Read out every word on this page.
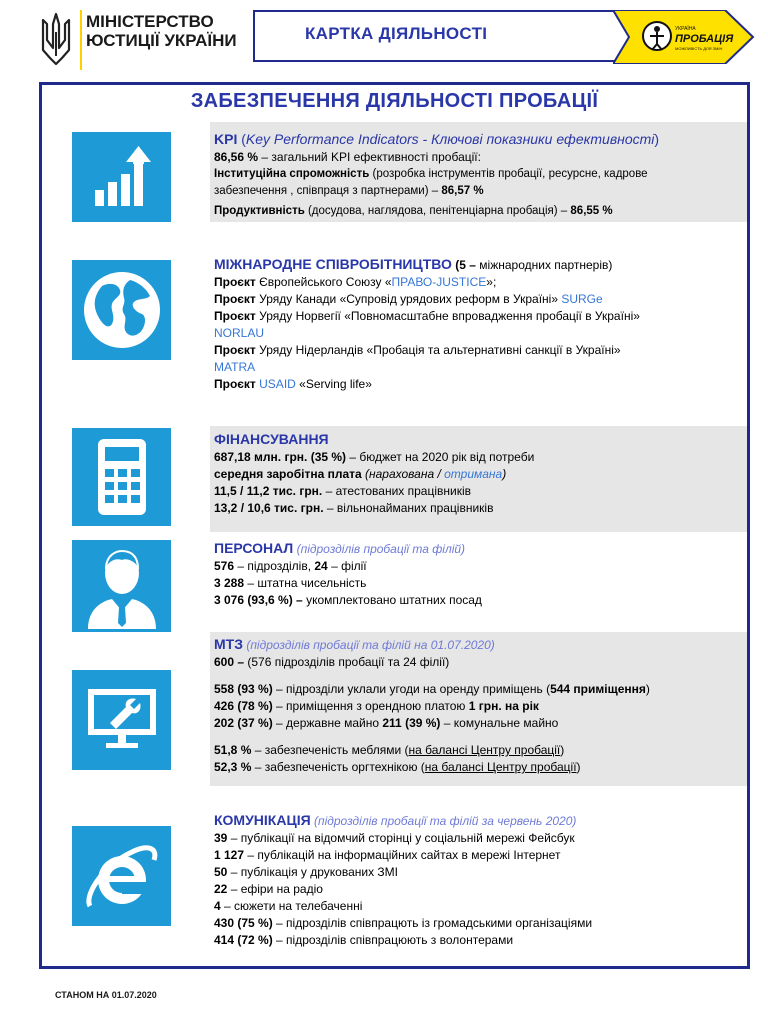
МІНІСТЕРСТВО
ЮСТИЦІЇ УКРАЇНИ	КАРТКА ДІЯЛЬНОСТІ	УКРАЇНА
ПРОБАЦІЯ
МОЖЛИВІСТЬ ДЛЯ ЗМІН
ЗАБЕЗПЕЧЕННЯ ДІЯЛЬНОСТІ ПРОБАЦІЇ
KPI (Key Performance Indicators - Ключові показники ефективності)
86,56 % – загальний KPI ефективності пробації:
Інституційна спроможність (розробка інструментів пробації, ресурсне, кадрове
забезпечення , співпраця з партнерами) – 86,57 %
Продуктивність (досудова, наглядова, пенітенціарна пробація) – 86,55 %
МІЖНАРОДНЕ СПІВРОБІТНИЦТВО (5 – міжнародних партнерів)
Проєкт Європейського Союзу «ПРАВО-JUSTICE»;
Проєкт Уряду Канади «Супровід урядових реформ в Україні» SURGe
Проєкт Уряду Норвегії «Повномасштабне впровадження пробації в Україні»
NORLAU
Проєкт Уряду Нідерландів «Пробація та альтернативні санкції в Україні»
MATRA
Проєкт USAID «Serving life»
ФІНАНСУВАННЯ
687,18 млн. грн. (35 %) – бюджет на 2020 рік від потреби
середня заробітна плата (нарахована / отримана)
11,5 / 11,2 тис. грн. – атестованих працівників
13,2 / 10,6 тис. грн. – вільнонайманих працівників
ПЕРСОНАЛ (підрозділів пробації та філій)
576 – підрозділів, 24 – філії
3 288 – штатна чисельність
3 076 (93,6 %) – укомплектовано штатних посад
МТЗ (підрозділів пробації та філій на 01.07.2020)
600 – (576 підрозділів пробації та 24 філії)
558 (93 %) – підрозділи уклали угоди на оренду приміщень (544 приміщення)
426 (78 %) – приміщення з орендною платою 1 грн. на рік
202 (37 %) – державне майно 211 (39 %) – комунальне майно
51,8 % – забезпеченість меблями (на балансі Центру пробації)
52,3 % – забезпеченість оргтехнікою (на балансі Центру пробації)
КОМУНІКАЦІЯ (підрозділів пробації та філій за червень 2020)
39 – публікації на відомчий сторінці у соціальній мережі Фейсбук
1 127 – публікацій на інформаційних сайтах в мережі Інтернет
50 – публікація у друкованих ЗМІ
22 – ефіри на радіо
4 – сюжети на телебаченні
430 (75 %) – підрозділів співпрацють із громадськими організаціями
414 (72 %) – підрозділів співпрацюють з волонтерами
СТАНОМ НА 01.07.2020
